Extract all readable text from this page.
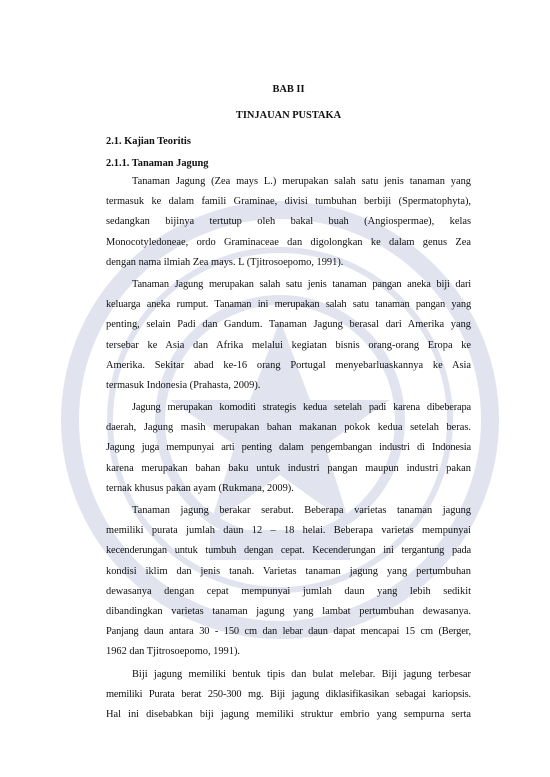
BAB II
TINJAUAN PUSTAKA
2.1. Kajian Teoritis
2.1.1. Tanaman Jagung
Tanaman Jagung (Zea mays L.) merupakan salah satu jenis tanaman yang
termasuk ke dalam famili Graminae, divisi tumbuhan berbiji (Spermatophyta),
sedangkan bijinya tertutup oleh bakal buah (Angiospermae), kelas
Monocotyledoneae, ordo Graminaceae dan digolongkan ke dalam genus Zea
dengan nama ilmiah Zea mays. L (Tjitrosoepomo, 1991).
Tanaman Jagung merupakan salah satu jenis tanaman pangan aneka biji dari
keluarga aneka rumput. Tanaman ini merupakan salah satu tanaman pangan yang
penting, selain Padi dan Gandum. Tanaman Jagung berasal dari Amerika yang
tersebar ke Asia dan Afrika melalui kegiatan bisnis orang-orang Eropa ke
Amerika. Sekitar abad ke-16 orang Portugal menyebarluaskannya ke Asia
termasuk Indonesia (Prahasta, 2009).
Jagung merupakan komoditi strategis kedua setelah padi karena dibeberapa
daerah, Jagung masih merupakan bahan makanan pokok kedua setelah beras.
Jagung juga mempunyai arti penting dalam pengembangan industri di Indonesia
karena merupakan bahan baku untuk industri pangan maupun industri pakan
ternak khusus pakan ayam (Rukmana, 2009).
Tanaman jagung berakar serabut. Beberapa varietas tanaman jagung
memiliki purata jumlah daun 12 – 18 helai. Beberapa varietas mempunyai
kecenderungan untuk tumbuh dengan cepat. Kecenderungan ini tergantung pada
kondisi iklim dan jenis tanah. Varietas tanaman jagung yang pertumbuhan
dewasanya dengan cepat mempunyai jumlah daun yang lebih sedikit
dibandingkan varietas tanaman jagung yang lambat pertumbuhan dewasanya.
Panjang daun antara 30 - 150 cm dan lebar daun dapat mencapai 15 cm (Berger,
1962 dan Tjitrosoepomo, 1991).
Biji jagung memiliki bentuk tipis dan bulat melebar. Biji jagung terbesar
memiliki Purata berat 250-300 mg. Biji jagung diklasifikasikan sebagai kariopsis.
Hal ini disebabkan biji jagung memiliki struktur embrio yang sempurna serta
